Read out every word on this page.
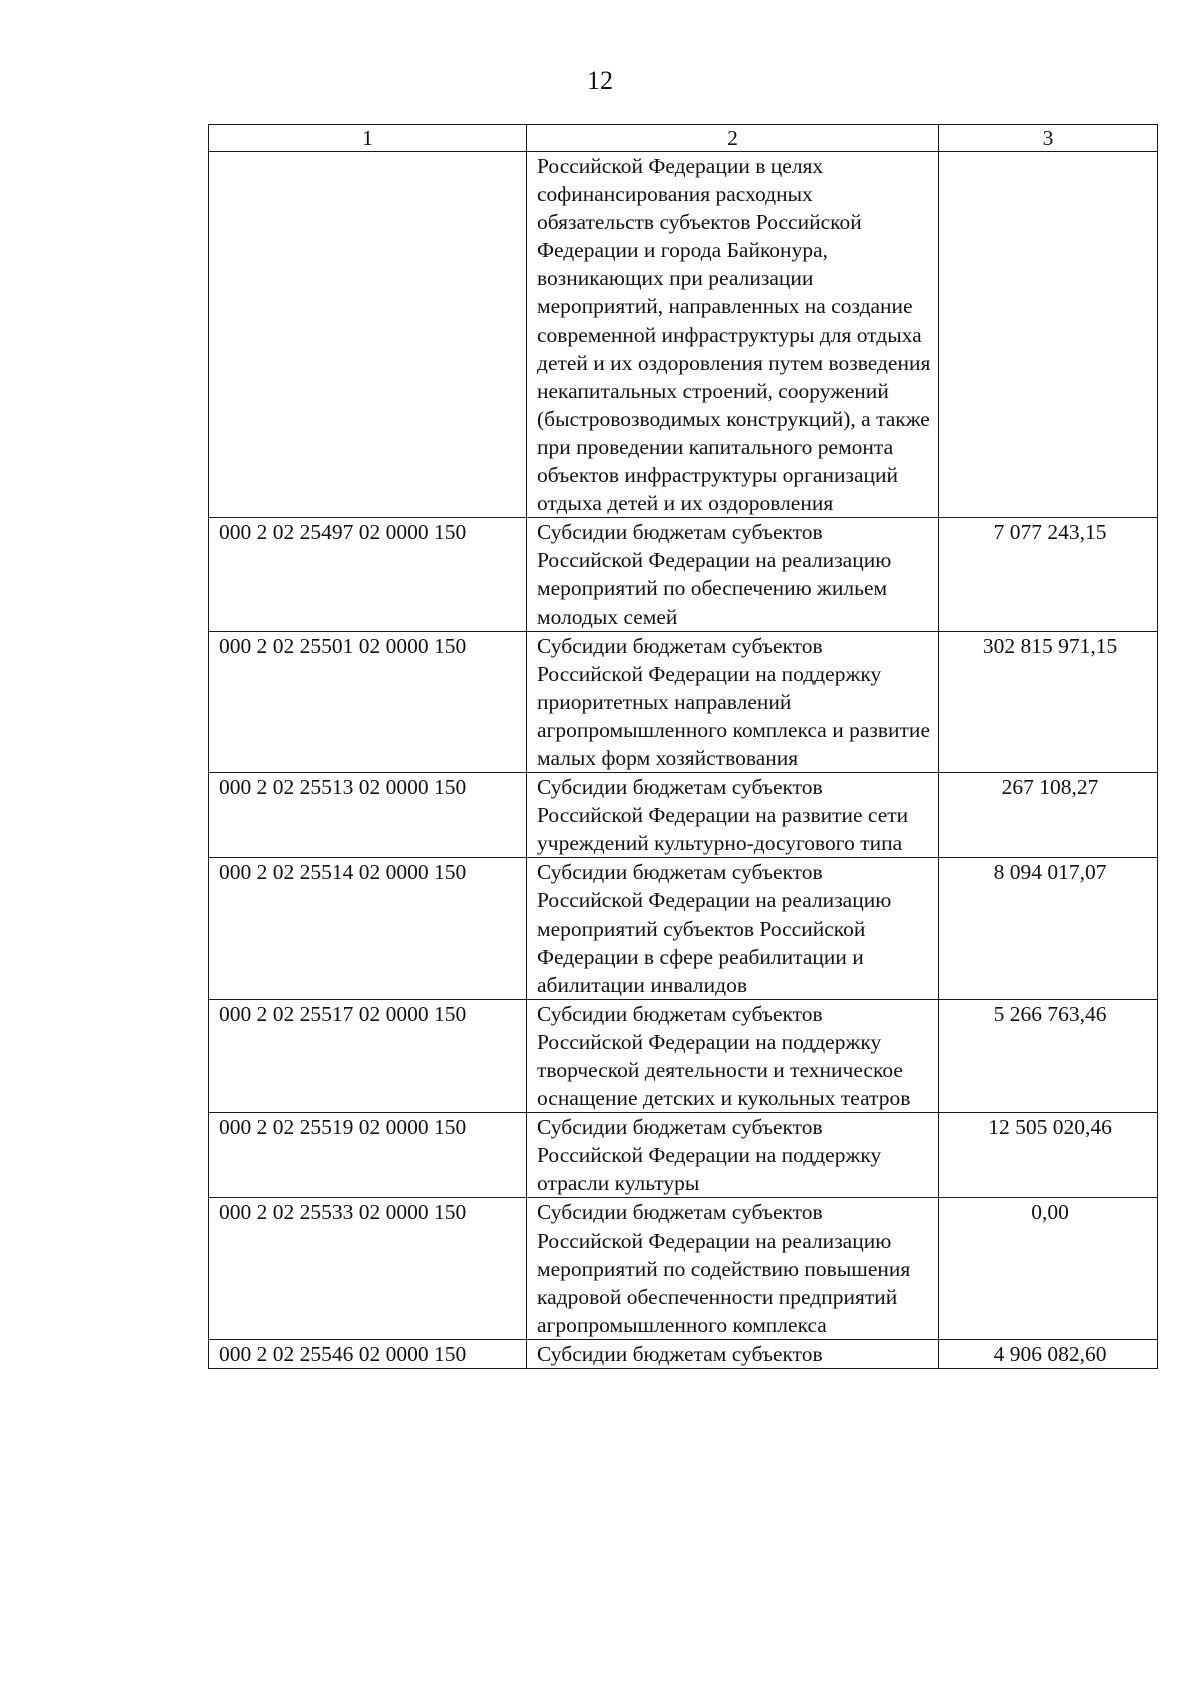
12
1	2	3
	Российской Федерации в целях софинансирования расходных обязательств субъектов Российской Федерации и города Байконура, возникающих при реализации мероприятий, направленных на создание современной инфраструктуры для отдыха детей и их оздоровления путем возведения некапитальных строений, сооружений (быстровозводимых конструкций), а также при проведении капитального ремонта объектов инфраструктуры организаций отдыха детей и их оздоровления	
000 2 02 25497 02 0000 150	Субсидии бюджетам субъектов Российской Федерации на реализацию мероприятий по обеспечению жильем молодых семей	7 077 243,15
000 2 02 25501 02 0000 150	Субсидии бюджетам субъектов Российской Федерации на поддержку приоритетных направлений агропромышленного комплекса и развитие малых форм хозяйствования	302 815 971,15
000 2 02 25513 02 0000 150	Субсидии бюджетам субъектов Российской Федерации на развитие сети учреждений культурно-досугового типа	267 108,27
000 2 02 25514 02 0000 150	Субсидии бюджетам субъектов Российской Федерации на реализацию мероприятий субъектов Российской Федерации в сфере реабилитации и абилитации инвалидов	8 094 017,07
000 2 02 25517 02 0000 150	Субсидии бюджетам субъектов Российской Федерации на поддержку творческой деятельности и техническое оснащение детских и кукольных театров	5 266 763,46
000 2 02 25519 02 0000 150	Субсидии бюджетам субъектов Российской Федерации на поддержку отрасли культуры	12 505 020,46
000 2 02 25533 02 0000 150	Субсидии бюджетам субъектов Российской Федерации на реализацию мероприятий по содействию повышения кадровой обеспеченности предприятий агропромышленного комплекса	0,00
000 2 02 25546 02 0000 150	Субсидии бюджетам субъектов	4 906 082,60
